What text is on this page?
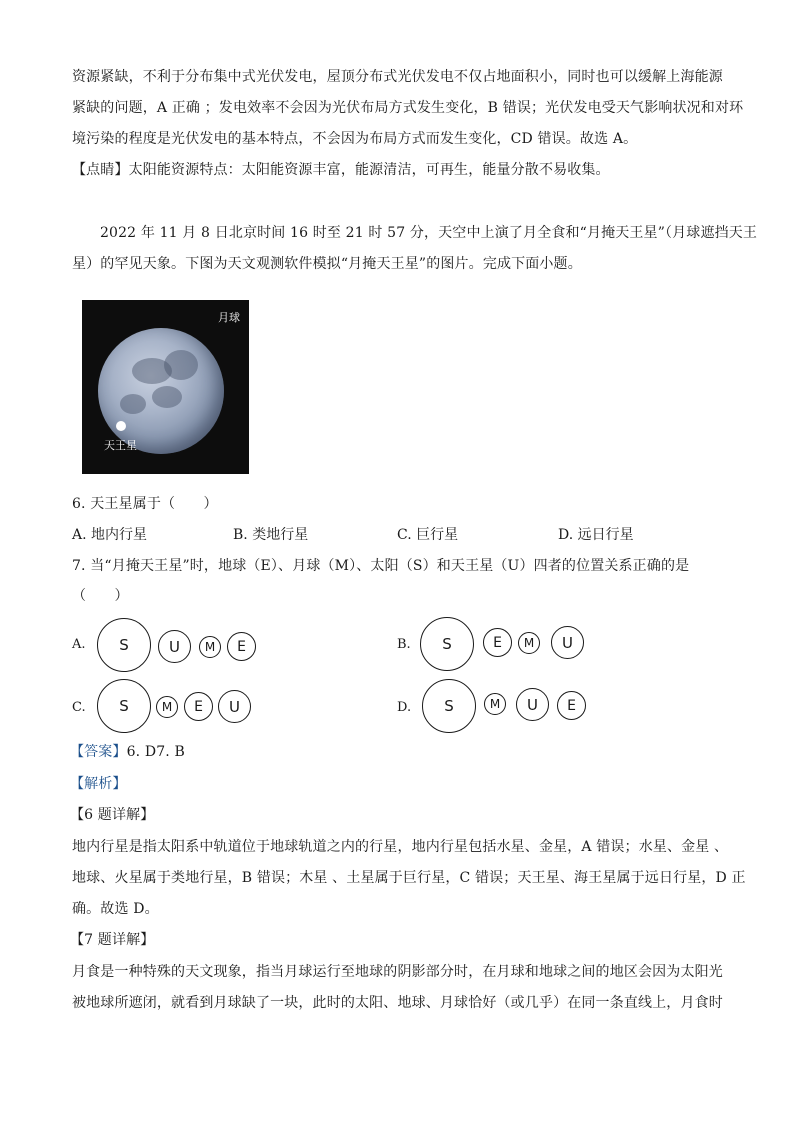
资源紧缺，不利于分布集中式光伏发电，屋顶分布式光伏发电不仅占地面积小，同时也可以缓解上海能源
紧缺的问题，A 正确 ；发电效率不会因为光伏布局方式发生变化，B 错误；光伏发电受天气影响状况和对环
境污染的程度是光伏发电的基本特点，不会因为布局方式而发生变化，CD 错误。故选 A。
【点睛】太阳能资源特点：太阳能资源丰富，能源清洁，可再生，能量分散不易收集。
2022 年 11 月 8 日北京时间 16 时至 21 时 57 分，天空中上演了月全食和“月掩天王星”（月球遮挡天王
星）的罕见天象。下图为天文观测软件模拟“月掩天王星”的图片。完成下面小题。
月球
天王星
6. 天王星属于（　　）
A. 地内行星	B. 类地行星	C. 巨行星	D. 远日行星
7. 当“月掩天王星”时，地球（E）、月球（M）、太阳（S）和天王星（U）四者的位置关系正确的是
（　　）
A.	S	U	M	E	B.	S	E	M	U
C.	S	M	E	U	D.	S	M	U	E
【答案】6. D7. B
【解析】
【6 题详解】
地内行星是指太阳系中轨道位于地球轨道之内的行星，地内行星包括水星、金星，A 错误；水星、金星 、
地球、火星属于类地行星，B 错误；木星 、土星属于巨行星，C 错误；天王星、海王星属于远日行星，D 正
确。故选 D。
【7 题详解】
月食是一种特殊的天文现象，指当月球运行至地球的阴影部分时，在月球和地球之间的地区会因为太阳光
被地球所遮闭，就看到月球缺了一块，此时的太阳、地球、月球恰好（或几乎）在同一条直线上，月食时
